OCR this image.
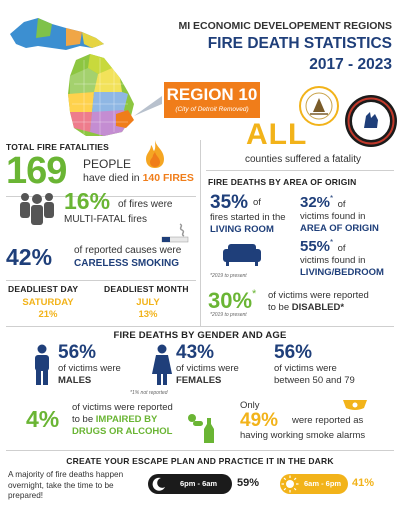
MI ECONOMIC DEVELOPEMENT REGIONS
FIRE DEATH STATISTICS
2017 - 2023
REGION 10
(City of Detroit Removed)
TOTAL FIRE FATALITIES
169 PEOPLE
have died in 140 FIRES
16% of fires were
MULTI-FATAL fires
42% of reported causes were
CARELESS SMOKING
DEADLIEST DAY
SATURDAY
21%
DEADLIEST MONTH
JULY
13%
ALL
counties suffered a fatality
FIRE DEATHS BY AREA OF ORIGIN
35% of
fires started in the
LIVING ROOM
*2019 to present
32%* of
victims found in
AREA OF ORIGIN
55%* of
victims found in
LIVING/BEDROOM
30%* of victims were reported
to be DISABLED*
*2019 to present
FIRE DEATHS BY GENDER AND AGE
56%
of victims were
MALES
43%
of victims were
FEMALES
*1% not reported
56%
of victims were
between 50 and 79
4% of victims were reported
to be IMPAIRED BY
DRUGS OR ALCOHOL
Only
49% were reported as
having working smoke alarms
CREATE YOUR ESCAPE PLAN AND PRACTICE IT IN THE DARK
A majority of fire deaths happen overnight, take the time to be prepared!
6pm - 6am 59%	6am - 6pm 41%
